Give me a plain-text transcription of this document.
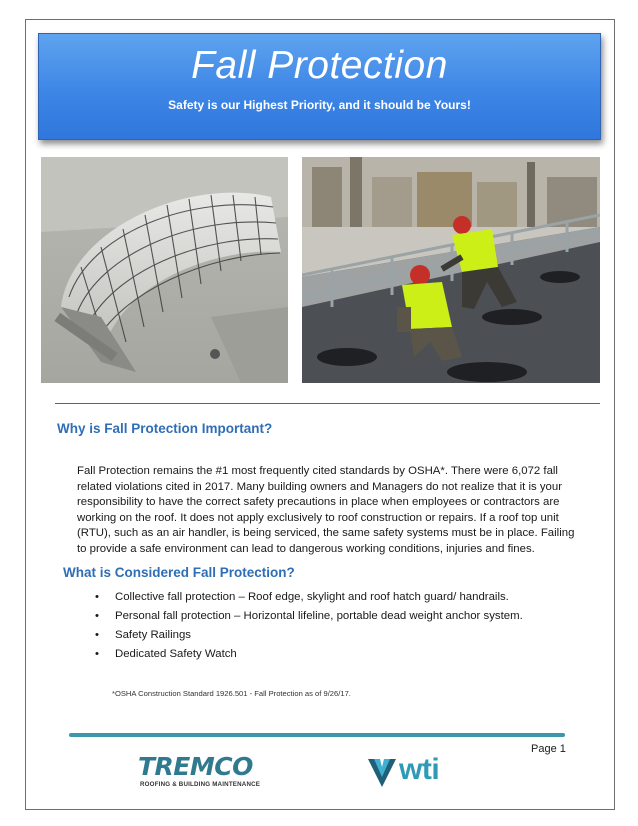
Fall Protection
Safety is our Highest Priority, and it should be Yours!
Why is Fall Protection Important?
Fall Protection remains the #1 most frequently cited standards by OSHA*. There were 6,072 fall related violations cited in 2017. Many building owners and Managers do not realize that it is your responsibility to have the correct safety precautions in place when employees or contractors are working on the roof. It does not apply exclusively to roof construction or repairs. If a roof top unit (RTU), such as an air handler, is being serviced, the same safety systems must be in place. Failing to provide a safe environment can lead to dangerous working conditions, injuries and fines.
What is Considered Fall Protection?
• Collective fall protection – Roof edge, skylight and roof hatch guard/ handrails.
• Personal fall protection – Horizontal lifeline, portable dead weight anchor system.
• Safety Railings
• Dedicated Safety Watch
*OSHA Construction Standard 1926.501 - Fall Protection as of 9/26/17.
Page 1
TREMCO
ROOFING & BUILDING MAINTENANCE	wti
